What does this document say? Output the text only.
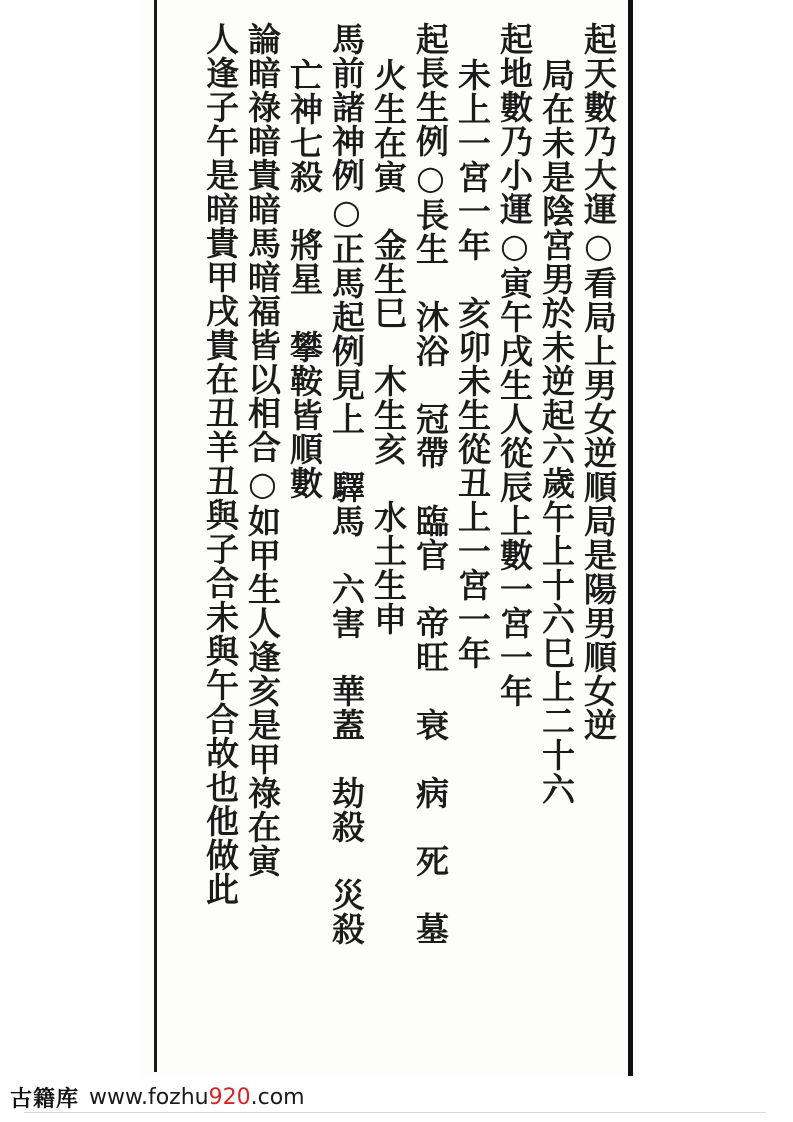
起天數乃大運○看局上男女逆順局是陽男順女逆
局在未是陰宮男於未逆起六歲午上十六巳上二十六
起地數乃小運○寅午戌生人從辰上數一宮一年
未上一宮一年　亥卯未生從丑上一宮一年
起長生例○長生　沐浴　冠帶　臨官　帝旺　衰　病　死　墓
火生在寅　金生巳　木生亥　水土生申
馬前諸神例○正馬起例見上　驛馬　六害　華蓋　劫殺　災殺
亡神七殺　將星　攀鞍皆順數
論暗祿暗貴暗馬暗福皆以相合○如甲生人逢亥是甲祿在寅
人逢子午是暗貴甲戌貴在丑羊丑與子合未與午合故也他做此
古籍库 www.fozhu 920 .com
